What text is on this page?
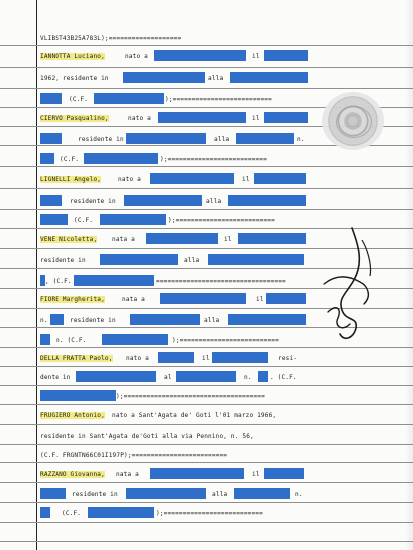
VLIBST43B25A783L);===================
IANNOTTA Luciano,	nato a	il
1962, residente in	alla
(C.F.	);==========================
CIERVO Pasqualino,	nato a	il
residente in	alla	n.
(C.F.	);==========================
LIGNELLI Angelo,	nato a	il
residente in	alla
(C.F.	);==========================
VENE Nicoletta, nata a	il
residente in	alla
, (C.F.	==================================
FIORE Margherita,	nata a	il
n.	residente in	alla
n. (C.F.	);==========================
DELLA FRATTA Paolo, nato a	il	resi-
dente in	al	n.	. (C.F.
);=====================================
FRUGIERO Antonio, nato a Sant'Agata de' Goti l'01 marzo 1966,
residente in Sant'Agata de'Goti alla via Pennino, n. 56,
(C.F. FRGNTN66C01I197P);=========================
RAZZANO Giovanna, nata a	il
residente in	alla	n.
(C.F.	);==========================
